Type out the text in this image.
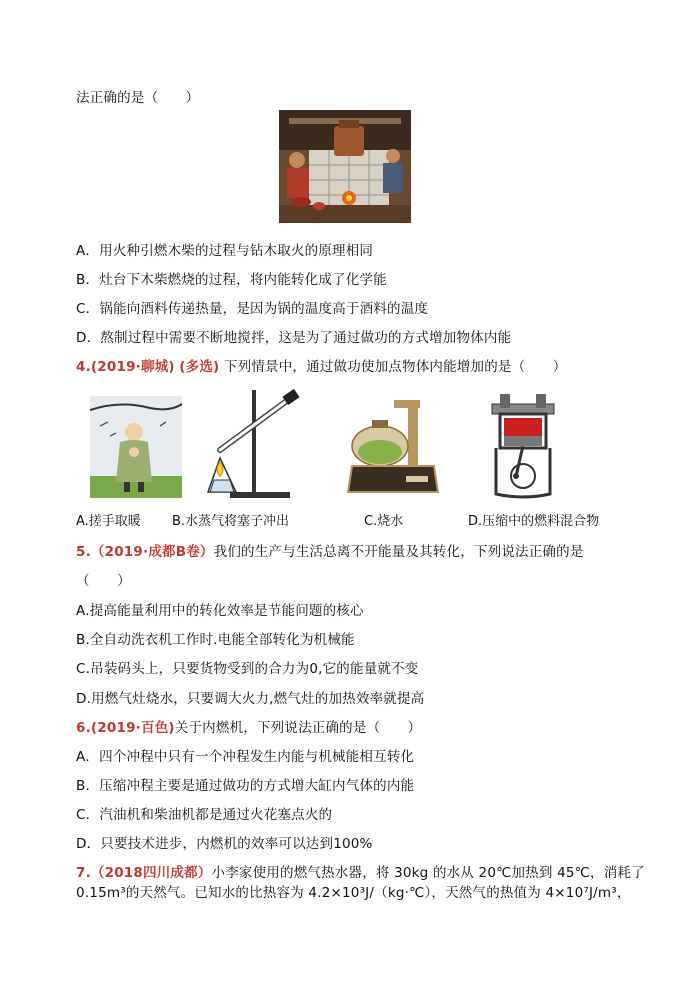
法正确的是（　　）
A．用火种引燃木柴的过程与钻木取火的原理相同
B．灶台下木柴燃烧的过程，将内能转化成了化学能
C．锅能向酒料传递热量，是因为锅的温度高于酒料的温度
D．熬制过程中需要不断地搅拌，这是为了通过做功的方式增加物体内能
4.(2019·聊城) (多选) 下列情景中，通过做功使加点物体内能增加的是（　　）
A.搓手取暖 B.水蒸气将塞子冲出	C.烧水	D.压缩中的燃料混合物
5.（2019·成都B卷）我们的生产与生活总离不开能量及其转化，下列说法正确的是
（　　）
A.提高能量利用中的转化效率是节能问题的核心
B.全自动洗衣机工作时.电能全部转化为机械能
C.吊装码头上，只要货物受到的合力为0,它的能量就不变
D.用燃气灶烧水，只要调大火力,燃气灶的加热效率就提高
6.(2019·百色)关于内燃机，下列说法正确的是（　　）
A．四个冲程中只有一个冲程发生内能与机械能相互转化
B．压缩冲程主要是通过做功的方式增大缸内气体的内能
C．汽油机和柴油机都是通过火花塞点火的
D．只要技术进步，内燃机的效率可以达到100%
7.（2018四川成都）小李家使用的燃气热水器，将 30kg 的水从 20℃加热到 45℃，消耗了
0.15m³的天然气。已知水的比热容为 4.2×10³J/（kg·℃），天然气的热值为 4×10⁷J/m³，
